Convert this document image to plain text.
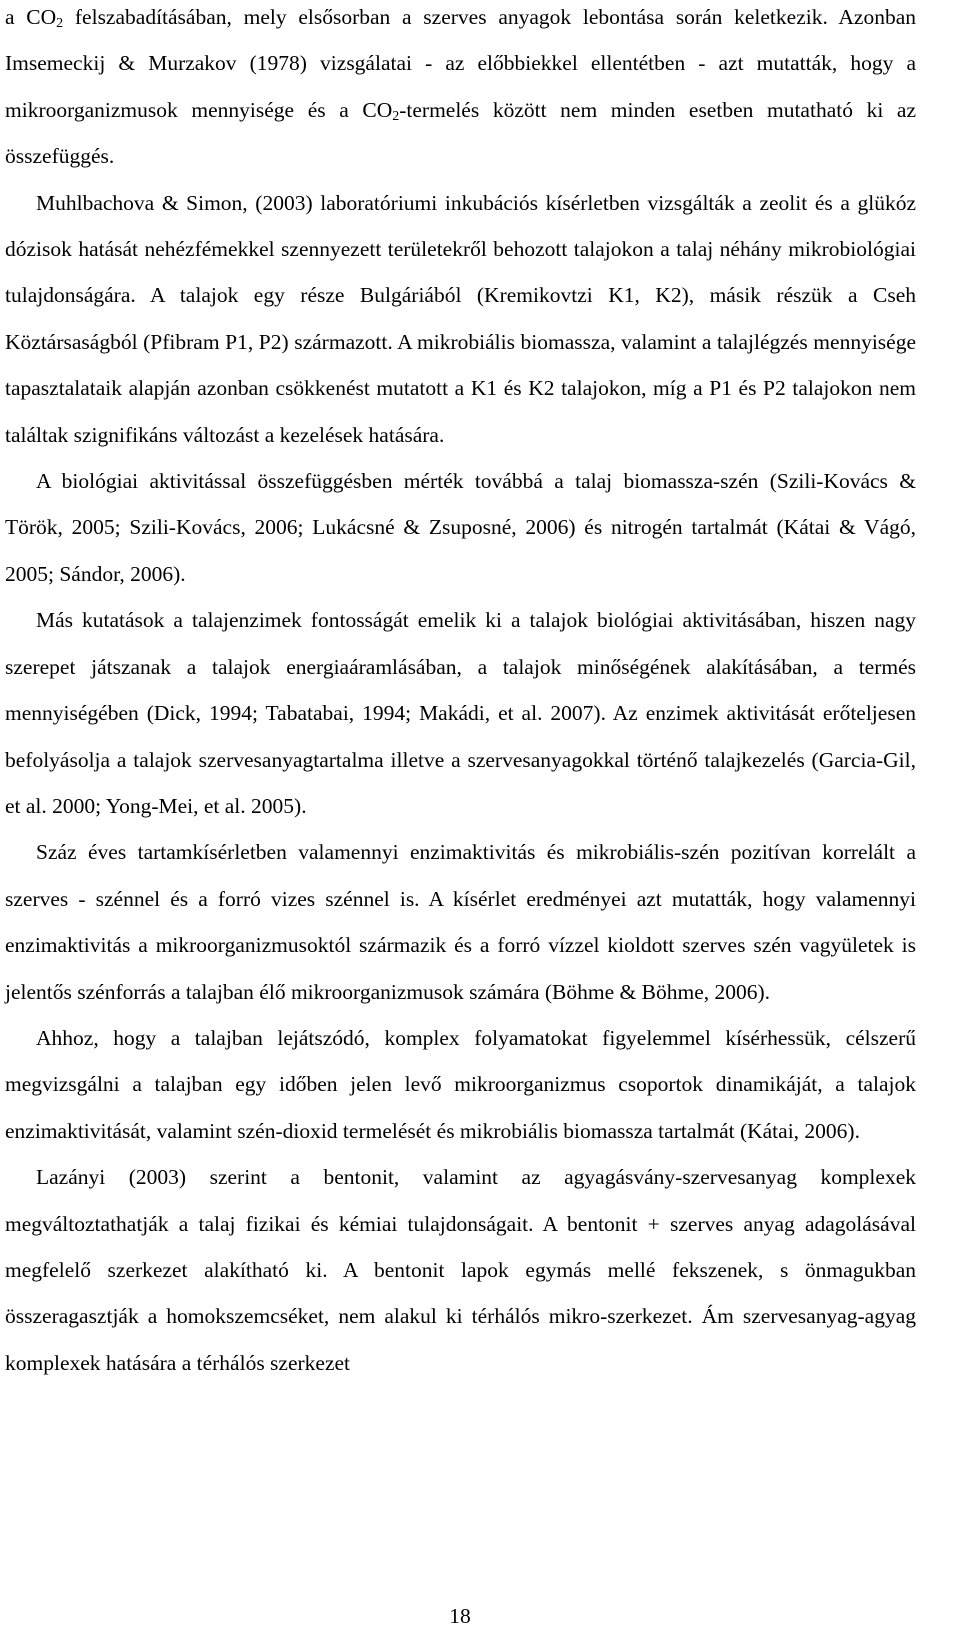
a $CO_2$ felszabadításában, mely elsősorban a szerves anyagok lebontása során keletkezik. Azonban Imsemeckij & Murzakov (1978) vizsgálatai - az előbbiekkel ellentétben - azt mutatták, hogy a mikroorganizmusok mennyisége és a $CO_2$-termelés között nem minden esetben mutatható ki az összefüggés.

Muhlbachova & Simon, (2003) laboratóriumi inkubációs kísérletben vizsgálták a zeolit és a glükóz dózisok hatását nehézfémekkel szennyezett területekről behozott talajokon a talaj néhány mikrobiológiai tulajdonságára. A talajok egy része Bulgáriából (Kremikovtzi K1, K2), másik részük a Cseh Köztársaságból (Pfibram P1, P2) származott. A mikrobiális biomassza, valamint a talajlégzés mennyisége tapasztalataik alapján azonban csökkenést mutatott a K1 és K2 talajokon, míg a P1 és P2 talajokon nem találtak szignifikáns változást a kezelések hatására.

A biológiai aktivitással összefüggésben mérték továbbá a talaj biomassza-szén (Szili-Kovács & Török, 2005; Szili-Kovács, 2006; Lukácsné & Zsuposné, 2006) és nitrogén tartalmát (Kátai & Vágó, 2005; Sándor, 2006).

Más kutatások a talajenzimek fontosságát emelik ki a talajok biológiai aktivitásában, hiszen nagy szerepet játszanak a talajok energiaáramlásában, a talajok minőségének alakításában, a termés mennyiségében (Dick, 1994; Tabatabai, 1994; Makádi, et al. 2007). Az enzimek aktivitását erőteljesen befolyásolja a talajok szervesanyagtartalma illetve a szervesanyagokkal történő talajkezelés (Garcia-Gil, et al. 2000; Yong-Mei, et al. 2005).

Száz éves tartamkísérletben valamennyi enzimaktivitás és mikrobiális-szén pozitívan korrelált a szerves - szénnel és a forró vizes szénnel is. A kísérlet eredményei azt mutatták, hogy valamennyi enzimaktivitás a mikroorganizmusoktól származik és a forró vízzel kioldott szerves szén vagyületek is jelentős szénforrás a talajban élő mikroorganizmusok számára (Böhme & Böhme, 2006).

Ahhoz, hogy a talajban lejátszódó, komplex folyamatokat figyelemmel kísérhessük, célszerű megvizsgálni a talajban egy időben jelen levő mikroorganizmus csoportok dinamikáját, a talajok enzimaktivitását, valamint szén-dioxid termelését és mikrobiális biomassza tartalmát (Kátai, 2006).

Lazányi (2003) szerint a bentonit, valamint az agyagásvány-szervesanyag komplexek megváltoztathatják a talaj fizikai és kémiai tulajdonságait. A bentonit + szerves anyag adagolásával megfelelő szerkezet alakítható ki. A bentonit lapok egymás mellé fekszenek, s önmagukban összeragasztják a homokszemcséket, nem alakul ki térhálós mikro-szerkezet. Ám szervesanyag-agyag komplexek hatására a térhálós szerkezet

18
